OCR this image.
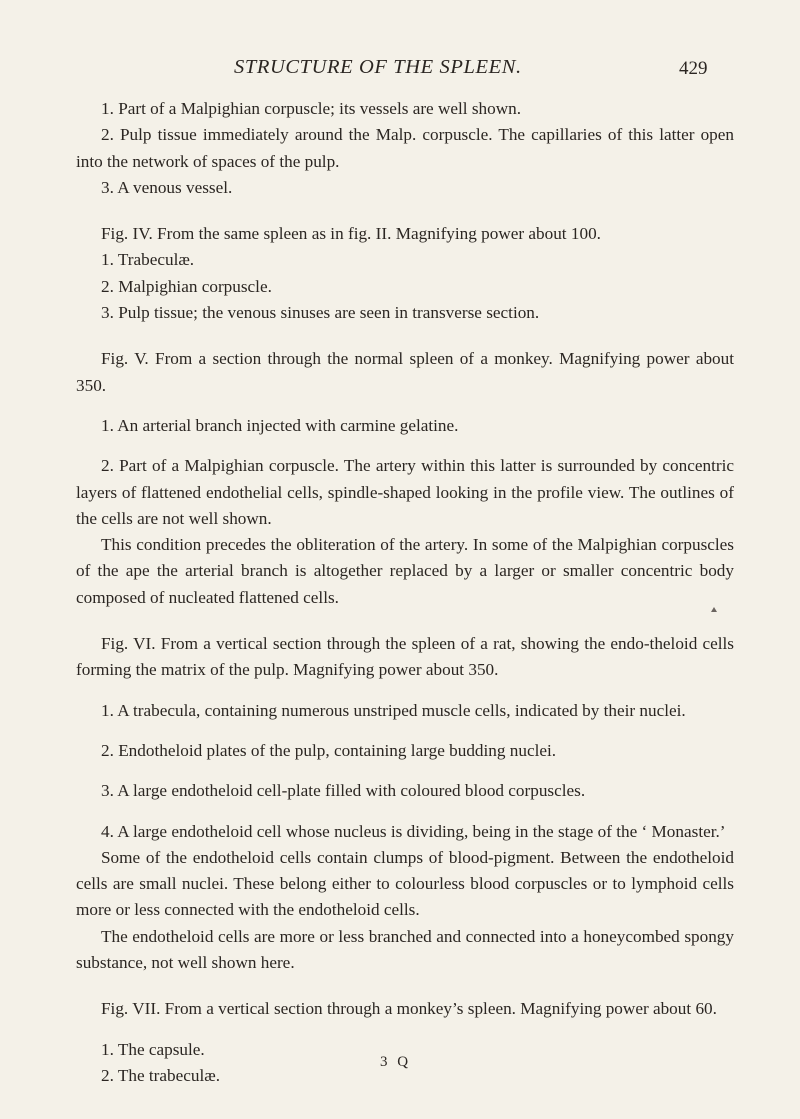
STRUCTURE OF THE SPLEEN.	429

1. Part of a Malpighian corpuscle; its vessels are well shown.

2. Pulp tissue immediately around the Malp. corpuscle. The capillaries of this latter open into the network of spaces of the pulp.

3. A venous vessel.

Fig. IV. From the same spleen as in fig. II. Magnifying power about 100.

1. Trabeculæ.

2. Malpighian corpuscle.

3. Pulp tissue; the venous sinuses are seen in transverse section.

Fig. V. From a section through the normal spleen of a monkey. Magnifying power about 350.

1. An arterial branch injected with carmine gelatine.

2. Part of a Malpighian corpuscle. The artery within this latter is surrounded by concentric layers of flattened endothelial cells, spindle-shaped looking in the profile view. The outlines of the cells are not well shown.

This condition precedes the obliteration of the artery. In some of the Malpighian corpuscles of the ape the arterial branch is altogether replaced by a larger or smaller concentric body composed of nucleated flattened cells.

Fig. VI. From a vertical section through the spleen of a rat, showing the endo-theloid cells forming the matrix of the pulp. Magnifying power about 350.

1. A trabecula, containing numerous unstriped muscle cells, indicated by their nuclei.

2. Endotheloid plates of the pulp, containing large budding nuclei.

3. A large endotheloid cell-plate filled with coloured blood corpuscles.

4. A large endotheloid cell whose nucleus is dividing, being in the stage of the ‘ Monaster.’

Some of the endotheloid cells contain clumps of blood-pigment. Between the endotheloid cells are small nuclei. These belong either to colourless blood corpuscles or to lymphoid cells more or less connected with the endotheloid cells.

The endotheloid cells are more or less branched and connected into a honeycombed spongy substance, not well shown here.

Fig. VII. From a vertical section through a monkey’s spleen. Magnifying power about 60.

1. The capsule.

2. The trabeculæ.

3 Q
